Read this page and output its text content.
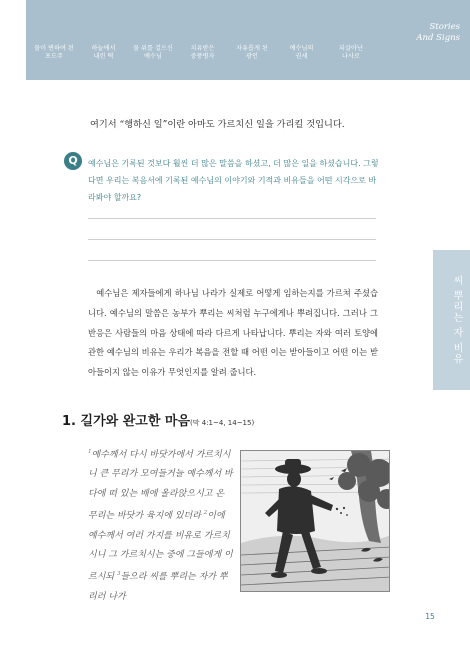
Stories
And Signs
물이 변하여 된
포도주
하늘에서
내린 떡
물 위를 걸으신
예수님
치유받은
중풍병자
자유롭게 된
광인
예수님의
권세
되살아난
나사로
여기서 “행하신 일”이란 아마도 가르치신 일을 가리킬 것입니다.
Q	예수님은 기록된 것보다 훨씬 더 많은 말씀을 하셨고, 더 많은 일을 하셨습니다. 그렇다면 우리는 복음서에 기록된 예수님의 이야기와 기적과 비유들을 어떤 시각으로 바라봐야 할까요?
예수님은 제자들에게 하나님 나라가 실제로 어떻게 임하는지를 가르쳐 주셨습니다. 예수님의 말씀은 농부가 뿌리는 씨처럼 누구에게나 뿌려집니다. 그러나 그 반응은 사람들의 마음 상태에 따라 다르게 나타납니다. 뿌리는 자와 여러 토양에 관한 예수님의 비유는 우리가 복음을 전할 때 어떤 이는 받아들이고 어떤 이는 받아들이지 않는 이유가 무엇인지를 알려 줍니다.
씨 뿌리는 자 비유
1. 길가와 완고한 마음(막 4:1~4, 14~15)
$^1$예수께서 다시 바닷가에서 가르치시니 큰 무리가 모여들거늘 예수께서 바다에 떠 있는 배에 올라앉으시고 온 무리는 바닷가 육지에 있더라 $^2$이에 예수께서 여러 가지를 비유로 가르치시니 그 가르치시는 중에 그들에게 이르시되 $^3$들으라 씨를 뿌리는 자가 뿌리러 나가
15
